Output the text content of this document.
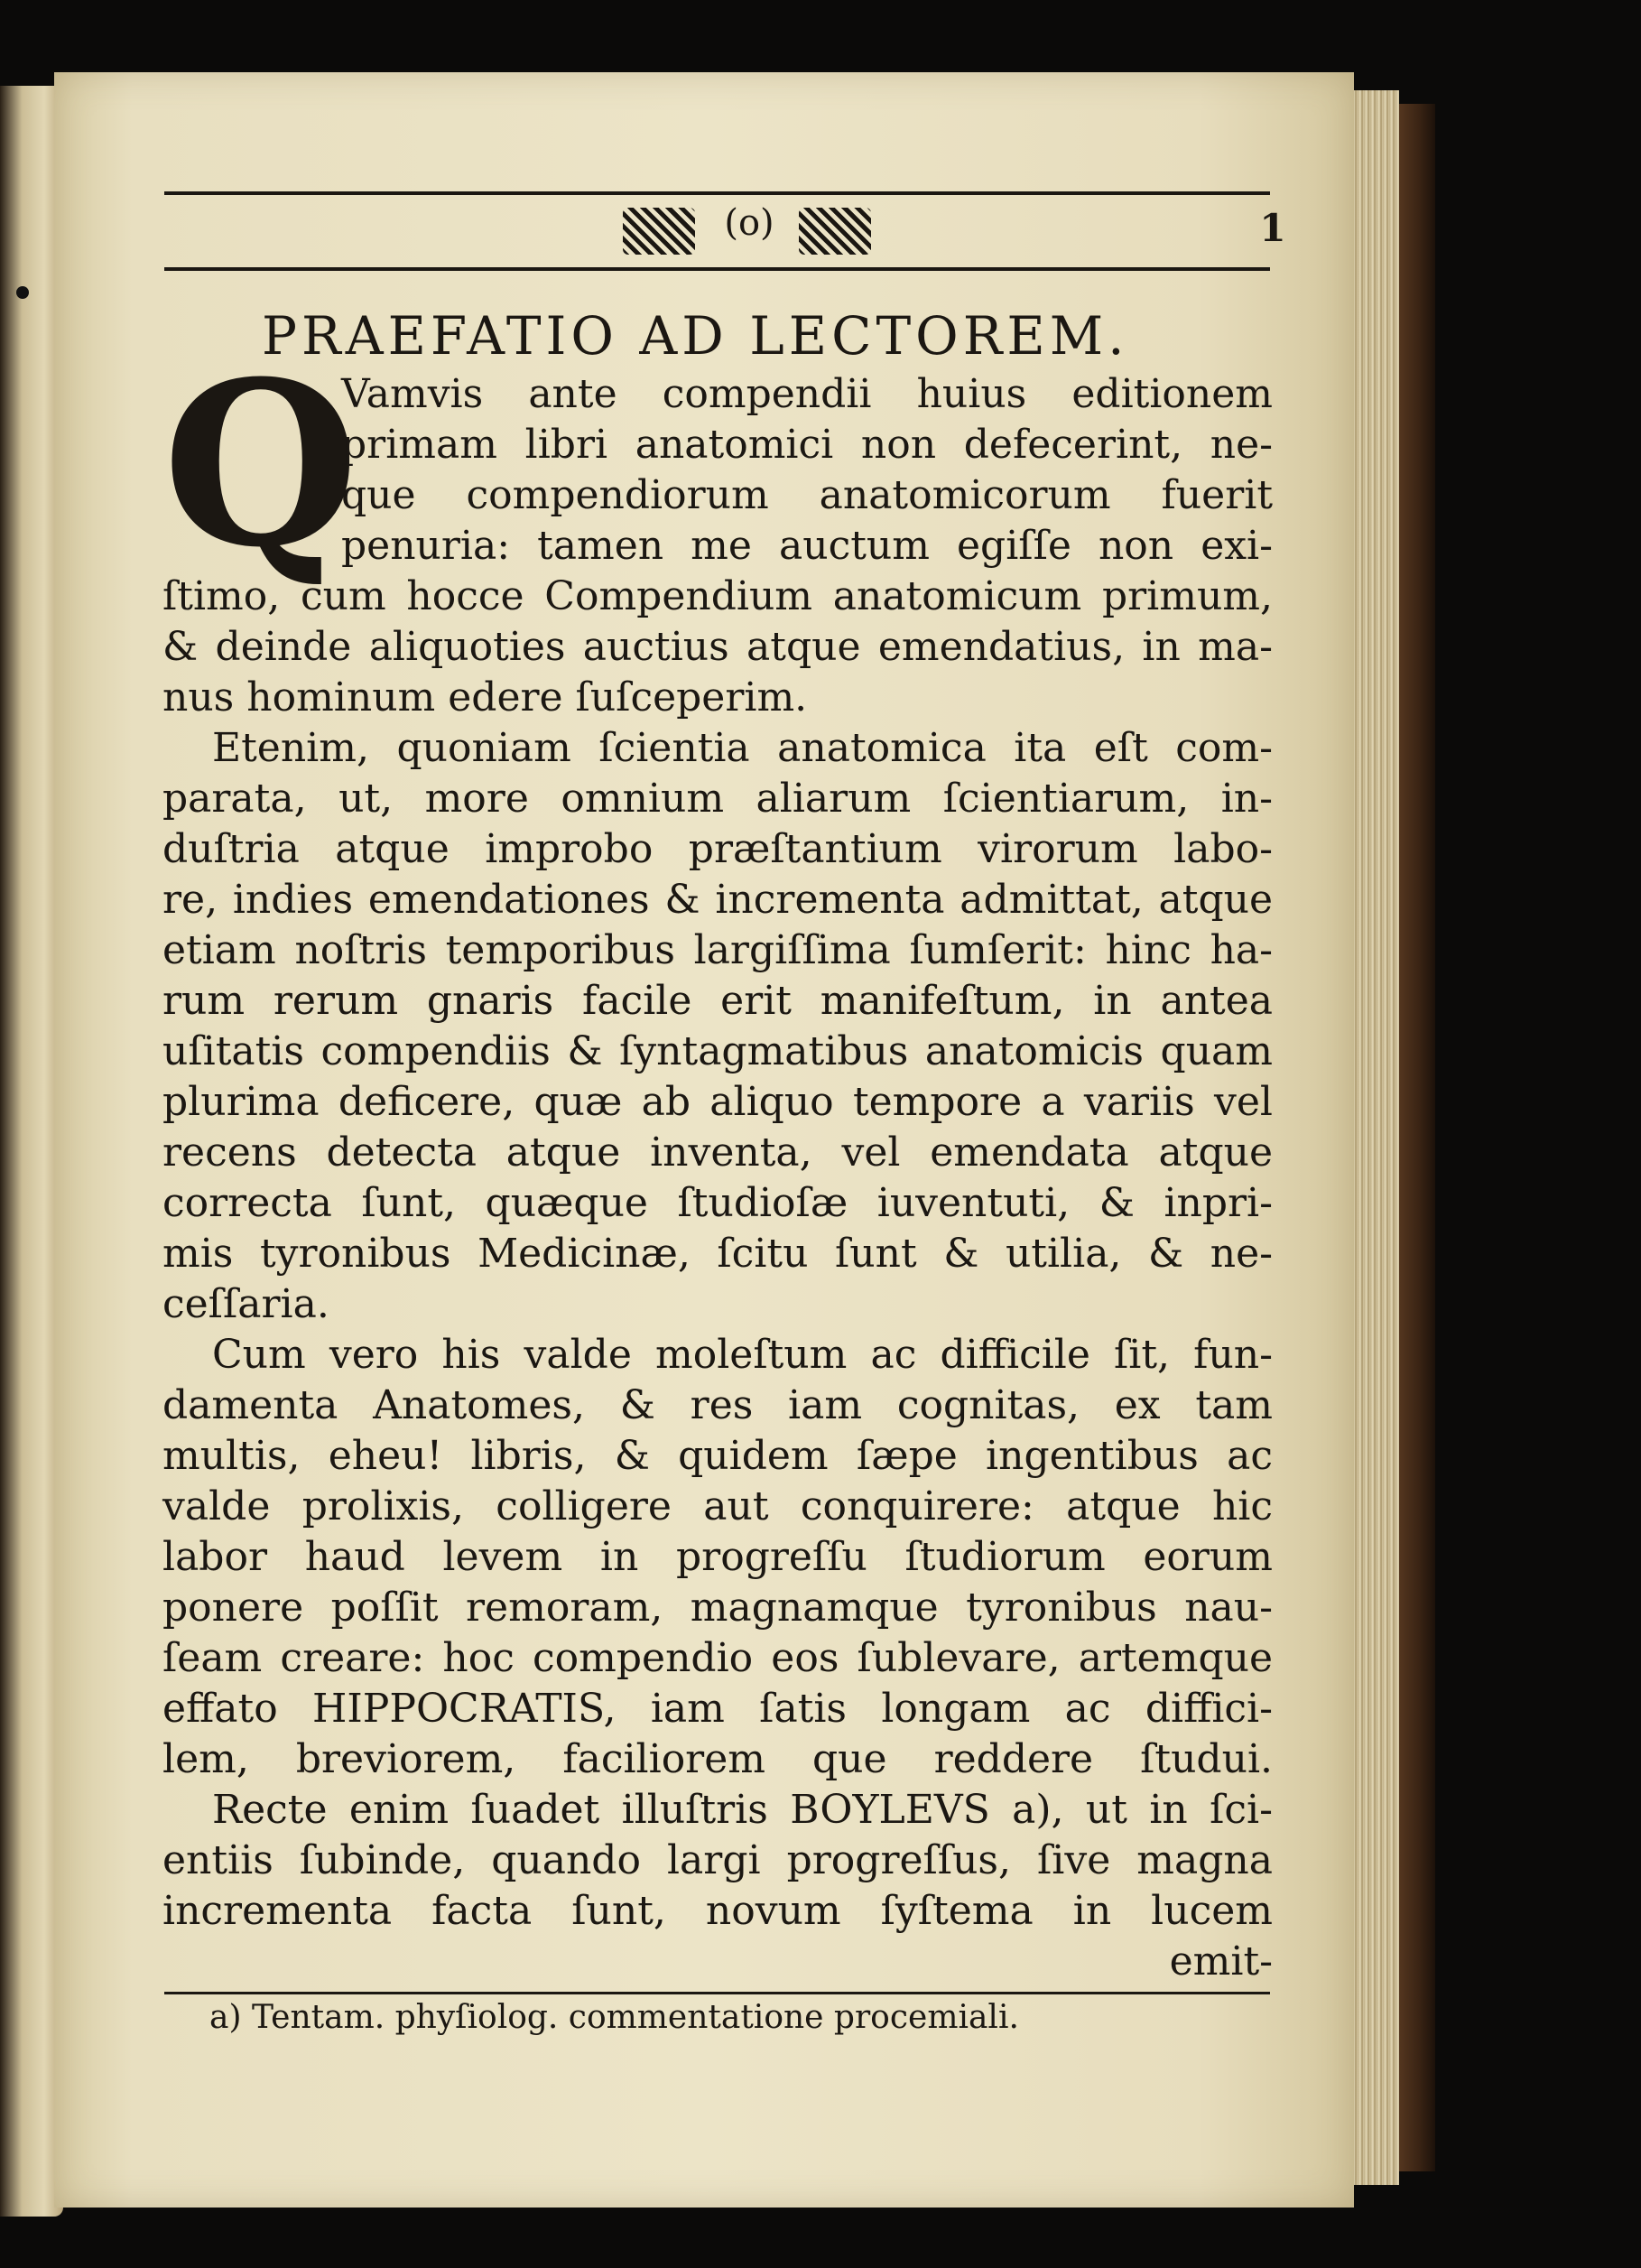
(o)	1
PRAEFATIO AD LECTOREM.
Q
Vamvis ante compendii huius editionem
primam libri anatomici non defecerint, ne-
que compendiorum anatomicorum fuerit
penuria: tamen me auctum egiſſe non exi-
ſtimo, cum hocce Compendium anatomicum primum,
& deinde aliquoties auctius atque emendatius, in ma-
nus hominum edere ſuſceperim.
Etenim, quoniam ſcientia anatomica ita eſt com-
parata, ut, more omnium aliarum ſcientiarum, in-
duſtria atque improbo præſtantium virorum labo-
re, indies emendationes & incrementa admittat, atque
etiam noſtris temporibus largiſſima ſumſerit: hinc ha-
rum rerum gnaris facile erit manifeſtum, in antea
uſitatis compendiis & ſyntagmatibus anatomicis quam
plurima deficere, quæ ab aliquo tempore a variis vel
recens detecta atque inventa, vel emendata atque
correcta ſunt, quæque ſtudioſæ iuventuti, & inpri-
mis tyronibus Medicinæ, ſcitu ſunt & utilia, & ne-
ceſſaria.
Cum vero his valde moleſtum ac difficile ſit, fun-
damenta Anatomes, & res iam cognitas, ex tam
multis, eheu! libris, & quidem ſæpe ingentibus ac
valde prolixis, colligere aut conquirere: atque hic
labor haud levem in progreſſu ſtudiorum eorum
ponere poſſit remoram, magnamque tyronibus nau-
ſeam creare: hoc compendio eos ſublevare, artemque
effato HIPPOCRATIS, iam ſatis longam ac diffici-
lem, breviorem, faciliorem que reddere ſtudui.
Recte enim ſuadet illuſtris BOYLEVS a), ut in ſci-
entiis ſubinde, quando largi progreſſus, ſive magna
incrementa facta ſunt, novum ſyſtema in lucem
emit-
a) Tentam. phyſiolog. commentatione procemiali.
